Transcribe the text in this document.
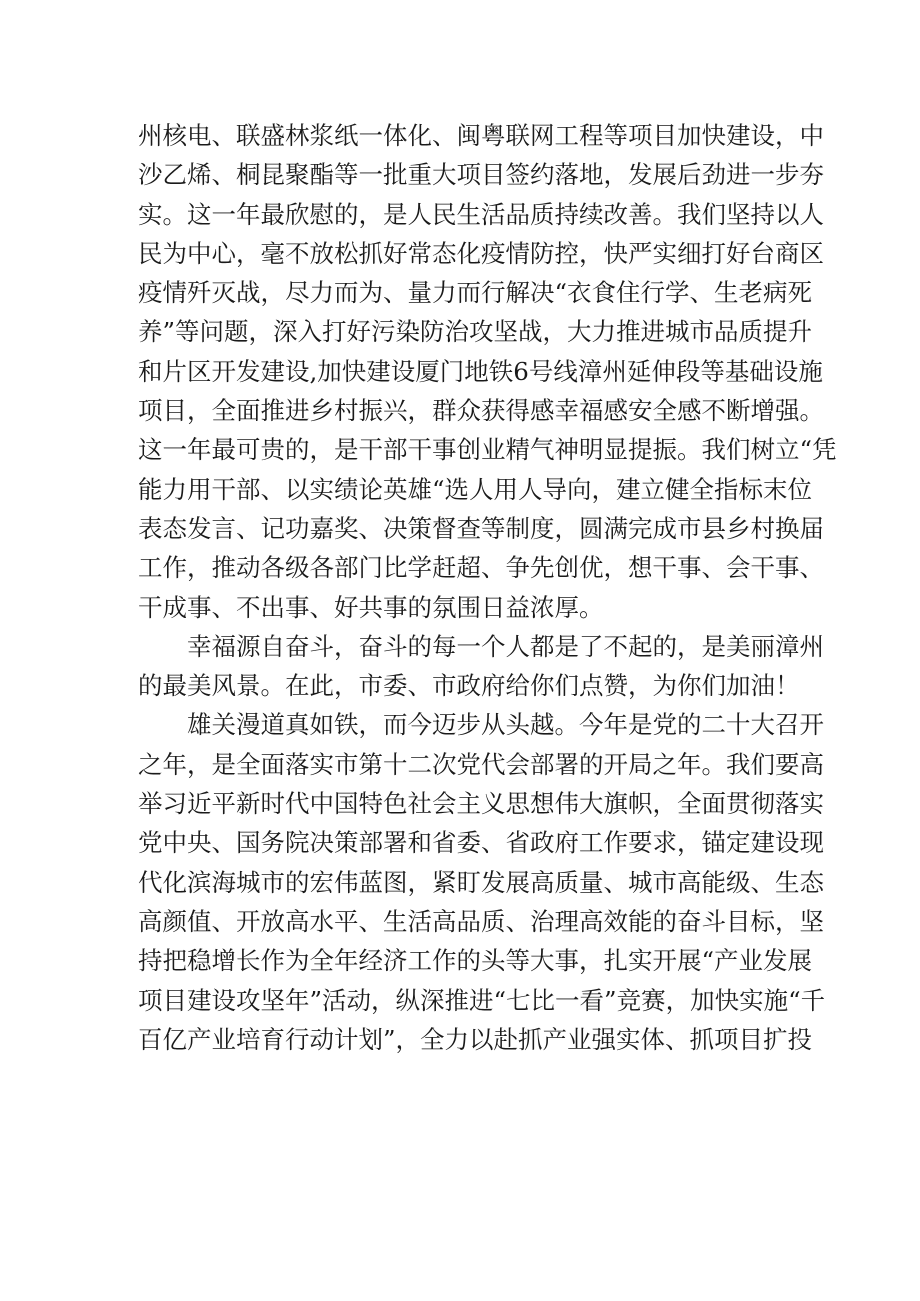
州核电、联盛林浆纸一体化、闽粤联网工程等项目加快建设，中
沙乙烯、桐昆聚酯等一批重大项目签约落地，发展后劲进一步夯
实。这一年最欣慰的，是人民生活品质持续改善。我们坚持以人
民为中心，毫不放松抓好常态化疫情防控，快严实细打好台商区
疫情歼灭战，尽力而为、量力而行解决“衣食住行学、生老病死
养”等问题，深入打好污染防治攻坚战，大力推进城市品质提升
和片区开发建设,加快建设厦门地铁6号线漳州延伸段等基础设施
项目，全面推进乡村振兴，群众获得感幸福感安全感不断增强。
这一年最可贵的，是干部干事创业精气神明显提振。我们树立“凭
能力用干部、以实绩论英雄“选人用人导向，建立健全指标末位
表态发言、记功嘉奖、决策督查等制度，圆满完成市县乡村换届
工作，推动各级各部门比学赶超、争先创优，想干事、会干事、
干成事、不出事、好共事的氛围日益浓厚。
幸福源自奋斗，奋斗的每一个人都是了不起的，是美丽漳州
的最美风景。在此，市委、市政府给你们点赞，为你们加油！
雄关漫道真如铁，而今迈步从头越。今年是党的二十大召开
之年，是全面落实市第十二次党代会部署的开局之年。我们要高
举习近平新时代中国特色社会主义思想伟大旗帜，全面贯彻落实
党中央、国务院决策部署和省委、省政府工作要求，锚定建设现
代化滨海城市的宏伟蓝图，紧盯发展高质量、城市高能级、生态
高颜值、开放高水平、生活高品质、治理高效能的奋斗目标，坚
持把稳增长作为全年经济工作的头等大事，扎实开展“产业发展
项目建设攻坚年”活动，纵深推进“七比一看”竞赛，加快实施“千
百亿产业培育行动计划”，全力以赴抓产业强实体、抓项目扩投
